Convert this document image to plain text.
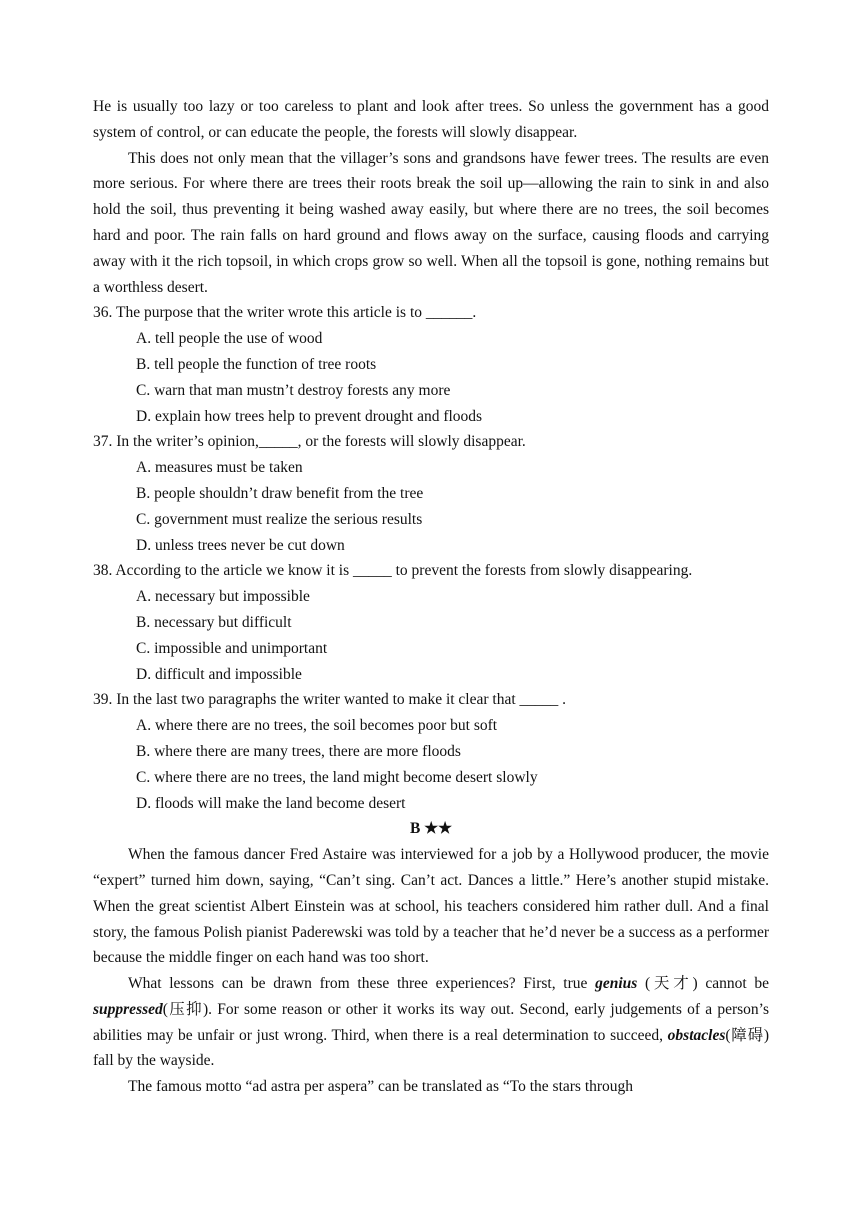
He is usually too lazy or too careless to plant and look after trees. So unless the government has a good system of control, or can educate the people, the forests will slowly disappear.

This does not only mean that the villager’s sons and grandsons have fewer trees. The results are even more serious. For where there are trees their roots break the soil up—allowing the rain to sink in and also hold the soil, thus preventing it being washed away easily, but where there are no trees, the soil becomes hard and poor. The rain falls on hard ground and flows away on the surface, causing floods and carrying away with it the rich topsoil, in which crops grow so well. When all the topsoil is gone, nothing remains but a worthless desert.

36. The purpose that the writer wrote this article is to ______.

A. tell people the use of wood

B. tell people the function of tree roots

C. warn that man mustn’t destroy forests any more

D. explain how trees help to prevent drought and floods

37. In the writer’s opinion,_____, or the forests will slowly disappear.

A. measures must be taken

B. people shouldn’t draw benefit from the tree

C. government must realize the serious results

D. unless trees never be cut down

38. According to the article we know it is _____ to prevent the forests from slowly disappearing.

A. necessary but impossible

B. necessary but difficult

C. impossible and unimportant

D. difficult and impossible

39. In the last two paragraphs the writer wanted to make it clear that _____ .

A. where there are no trees, the soil becomes poor but soft

B. where there are many trees, there are more floods

C. where there are no trees, the land might become desert slowly

D. floods will make the land become desert

B ★★

When the famous dancer Fred Astaire was interviewed for a job by a Hollywood producer, the movie “expert” turned him down, saying, “Can’t sing. Can’t act. Dances a little.” Here’s another stupid mistake. When the great scientist Albert Einstein was at school, his teachers considered him rather dull. And a final story, the famous Polish pianist Paderewski was told by a teacher that he’d never be a success as a performer because the middle finger on each hand was too short.

What lessons can be drawn from these three experiences? First, true genius (天才) cannot be suppressed(压抑). For some reason or other it works its way out. Second, early judgements of a person’s abilities may be unfair or just wrong. Third, when there is a real determination to succeed, obstacles(障碍) fall by the wayside.

The famous motto “ad astra per aspera” can be translated as “To the stars through
